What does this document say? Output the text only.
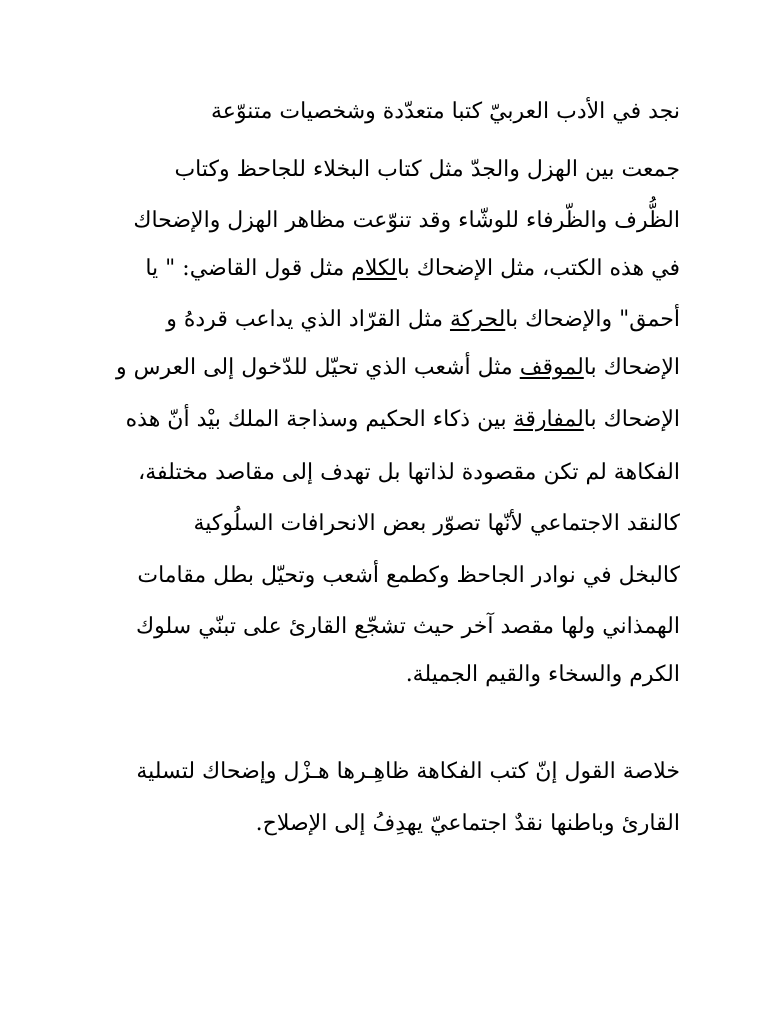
نجد في الأدب العربيّ كتبا متعدّدة وشخصيات متنوّعة
جمعت بين الهزل والجدّ مثل كتاب البخلاء للجاحظ وكتاب
الظُّرف والظّرفاء للوشّاء وقد تنوّعت مظاهر الهزل والإضحاك
في هذه الكتب، مثل الإضحاك بالكلام مثل قول القاضي: " يا
أحمق" والإضحاك بالحركة مثل القرّاد الذي يداعب قردهُ و
الإضحاك بالموقف مثل أشعب الذي تحيّل للدّخول إلى العرس و
الإضحاك بالمفارقة بين ذكاء الحكيم وسذاجة الملك بيْد أنّ هذه
الفكاهة لم تكن مقصودة لذاتها بل تهدف إلى مقاصد مختلفة،
كالنقد الاجتماعي لأنّها تصوّر بعض الانحرافات السلُوكية
كالبخل في نوادر الجاحظ وكطمع أشعب وتحيّل بطل مقامات
الهمذاني ولها مقصد آخر حيث تشجّع القارئ على تبنّي سلوك
الكرم والسخاء والقيم الجميلة.
خلاصة القول إنّ كتب الفكاهة ظاهِـرها هـزْل وإضحاك لتسلية
القارئ وباطنها نقدٌ اجتماعيّ يهدِفُ إلى الإصلاح.
